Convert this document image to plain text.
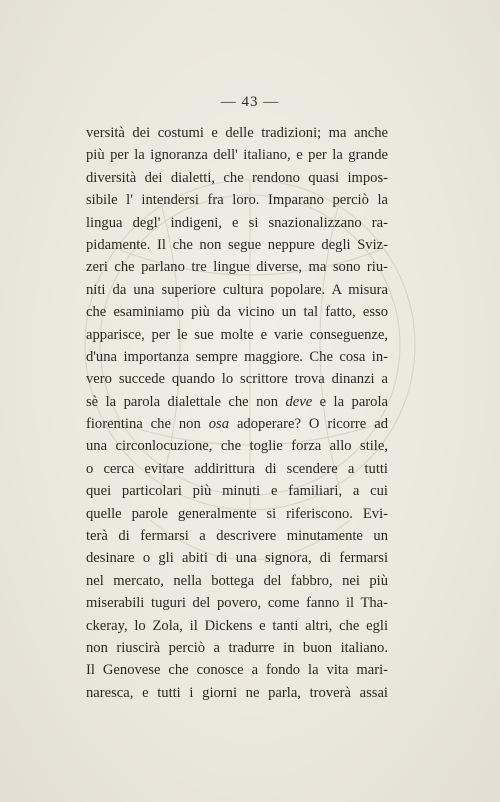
— 43 —
versità dei costumi e delle tradizioni; ma anche
più per la ignoranza dell' italiano, e per la grande
diversità dei dialetti, che rendono quasi impos-
sibile l' intendersi fra loro. Imparano perciò la
lingua degl' indigeni, e si snazionalizzano ra-
pidamente. Il che non segue neppure degli Sviz-
zeri che parlano tre lingue diverse, ma sono riu-
niti da una superiore cultura popolare. A misura
che esaminiamo più da vicino un tal fatto, esso
apparisce, per le sue molte e varie conseguenze,
d'una importanza sempre maggiore. Che cosa in-
vero succede quando lo scrittore trova dinanzi a
sè la parola dialettale che non deve e la parola
fiorentina che non osa adoperare? O ricorre ad
una circonlocuzione, che toglie forza allo stile,
o cerca evitare addirittura di scendere a tutti
quei particolari più minuti e familiari, a cui
quelle parole generalmente si riferiscono. Evi-
terà di fermarsi a descrivere minutamente un
desinare o gli abiti di una signora, di fermarsi
nel mercato, nella bottega del fabbro, nei più
miserabili tuguri del povero, come fanno il Tha-
ckeray, lo Zola, il Dickens e tanti altri, che egli
non riuscirà perciò a tradurre in buon italiano.
Il Genovese che conosce a fondo la vita mari-
naresca, e tutti i giorni ne parla, troverà assai
